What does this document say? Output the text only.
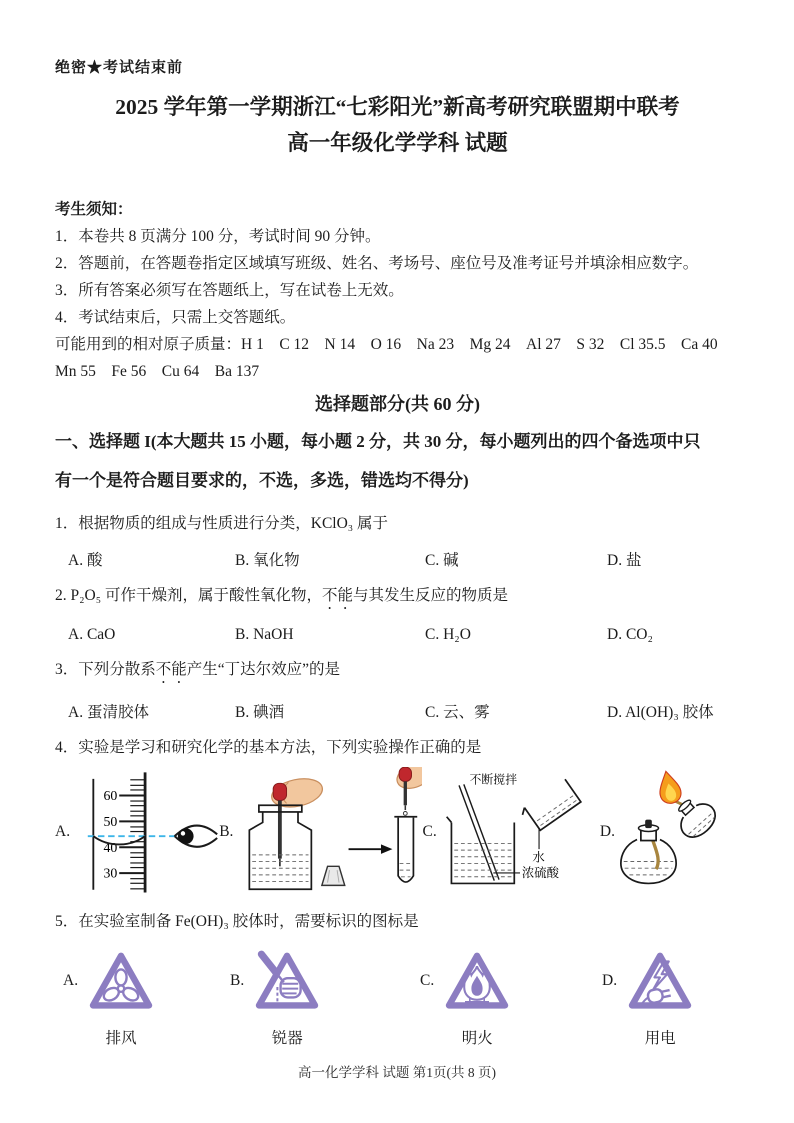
绝密★考试结束前
2025 学年第一学期浙江“七彩阳光”新高考研究联盟期中联考
高一年级化学学科 试题
考生须知：
1．本卷共 8 页满分 100 分，考试时间 90 分钟。
2．答题前，在答题卷指定区域填写班级、姓名、考场号、座位号及准考证号并填涂相应数字。
3．所有答案必须写在答题纸上，写在试卷上无效。
4．考试结束后，只需上交答题纸。
可能用到的相对原子质量：H 1　C 12　N 14　O 16　Na 23　Mg 24　Al 27　S 32　Cl 35.5　Ca 40
Mn 55　Fe 56　Cu 64　Ba 137
选择题部分(共 60 分)
一、选择题 I(本大题共 15 小题，每小题 2 分，共 30 分，每小题列出的四个备选项中只
有一个是符合题目要求的，不选，多选，错选均不得分)
1．根据物质的组成与性质进行分类，KClO₃ 属于
A. 酸	B. 氧化物	C. 碱	D. 盐
2. P₂O₅ 可作干燥剂，属于酸性氧化物，不能与其发生反应的物质是
A. CaO	B. NaOH	C. H₂O	D. CO₂
3．下列分散系不能产生“丁达尔效应”的是
A. 蛋清胶体	B. 碘酒	C. 云、雾	D. Al(OH)₃ 胶体
4．实验是学习和研究化学的基本方法，下列实验操作正确的是
A.
60
50
40
30
B.	C.
不断搅拌
水
浓硫酸
D.
5．在实验室制备 Fe(OH)₃ 胶体时，需要标识的图标是
A.
排风
B.
锐器
C.
明火
D.
用电
高一化学学科 试题 第1页(共 8 页)
